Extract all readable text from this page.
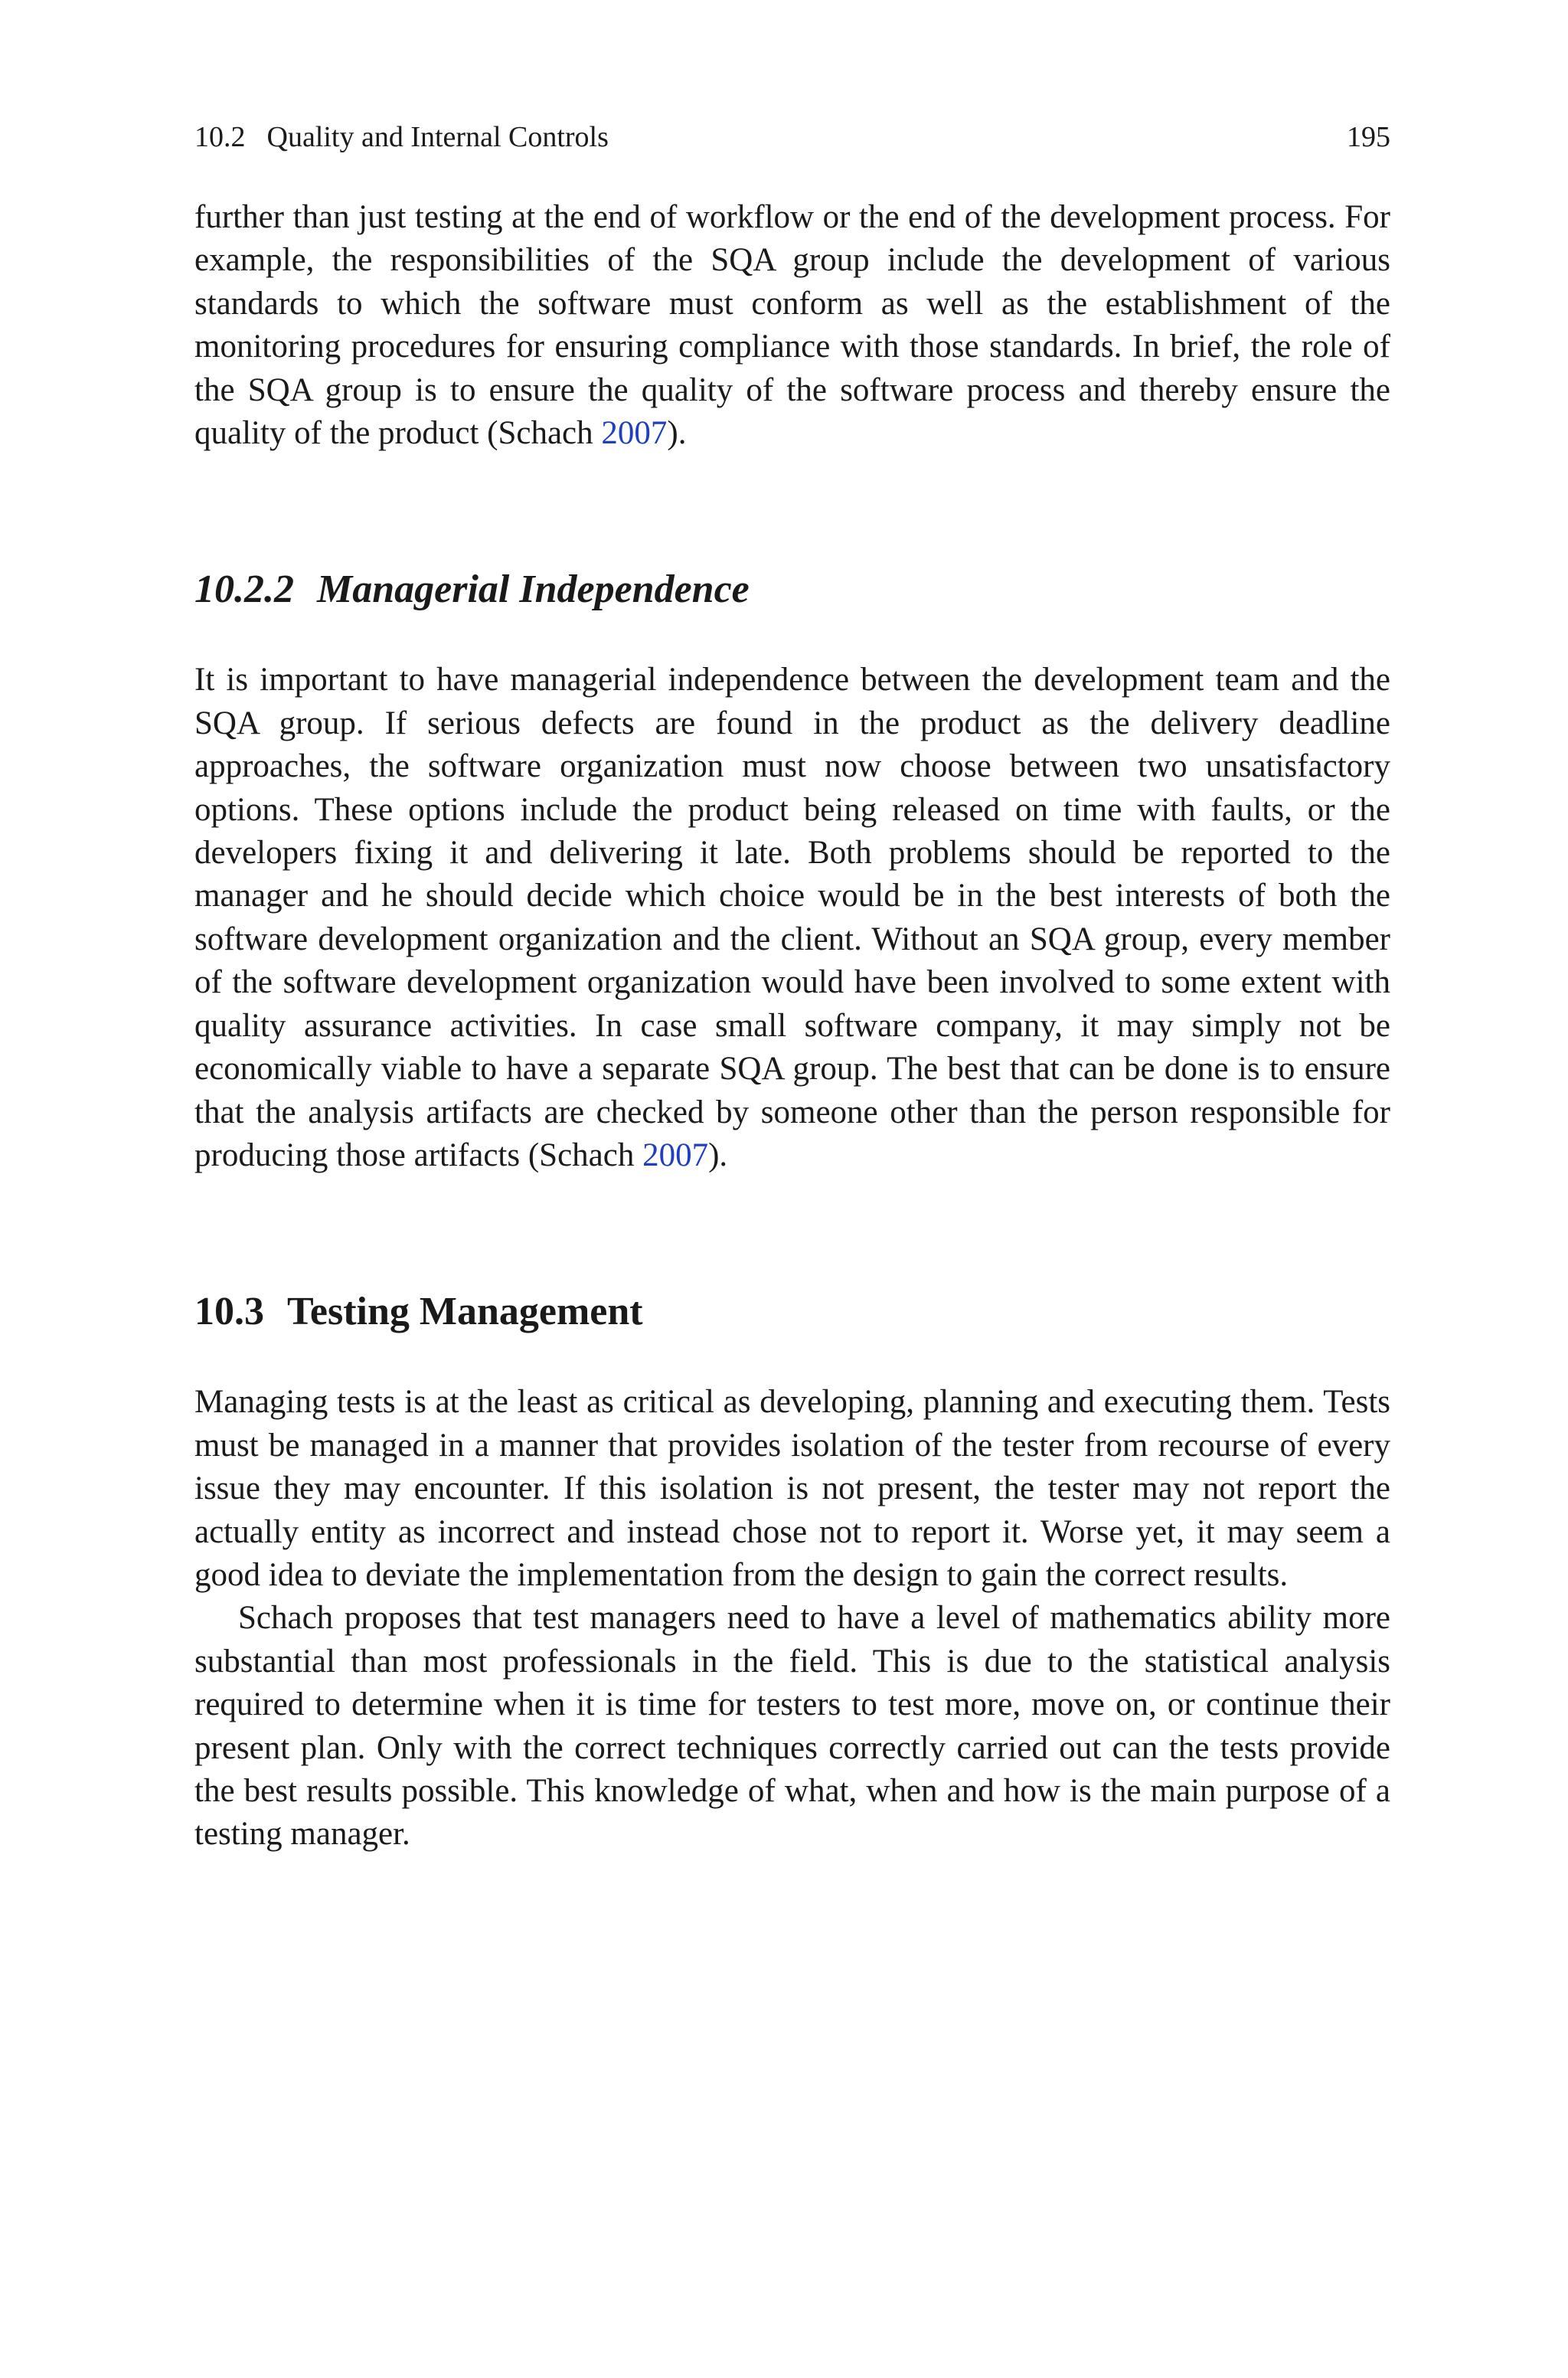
10.2 Quality and Internal Controls	195

further than just testing at the end of workflow or the end of the development process. For example, the responsibilities of the SQA group include the development of various standards to which the software must conform as well as the establishment of the monitoring procedures for ensuring compliance with those standards. In brief, the role of the SQA group is to ensure the quality of the software process and thereby ensure the quality of the product (Schach 2007).

10.2.2 Managerial Independence

It is important to have managerial independence between the development team and the SQA group. If serious defects are found in the product as the delivery deadline approaches, the software organization must now choose between two unsatisfactory options. These options include the product being released on time with faults, or the developers fixing it and delivering it late. Both problems should be reported to the manager and he should decide which choice would be in the best interests of both the software development organization and the client. Without an SQA group, every member of the software development organization would have been involved to some extent with quality assurance activities. In case small software company, it may simply not be economically viable to have a separate SQA group. The best that can be done is to ensure that the analysis artifacts are checked by someone other than the person responsible for producing those artifacts (Schach 2007).

10.3 Testing Management

Managing tests is at the least as critical as developing, planning and executing them. Tests must be managed in a manner that provides isolation of the tester from recourse of every issue they may encounter. If this isolation is not present, the tester may not report the actually entity as incorrect and instead chose not to report it. Worse yet, it may seem a good idea to deviate the implementation from the design to gain the correct results.

Schach proposes that test managers need to have a level of mathematics ability more substantial than most professionals in the field. This is due to the statistical analysis required to determine when it is time for testers to test more, move on, or continue their present plan. Only with the correct techniques correctly carried out can the tests provide the best results possible. This knowledge of what, when and how is the main purpose of a testing manager.
